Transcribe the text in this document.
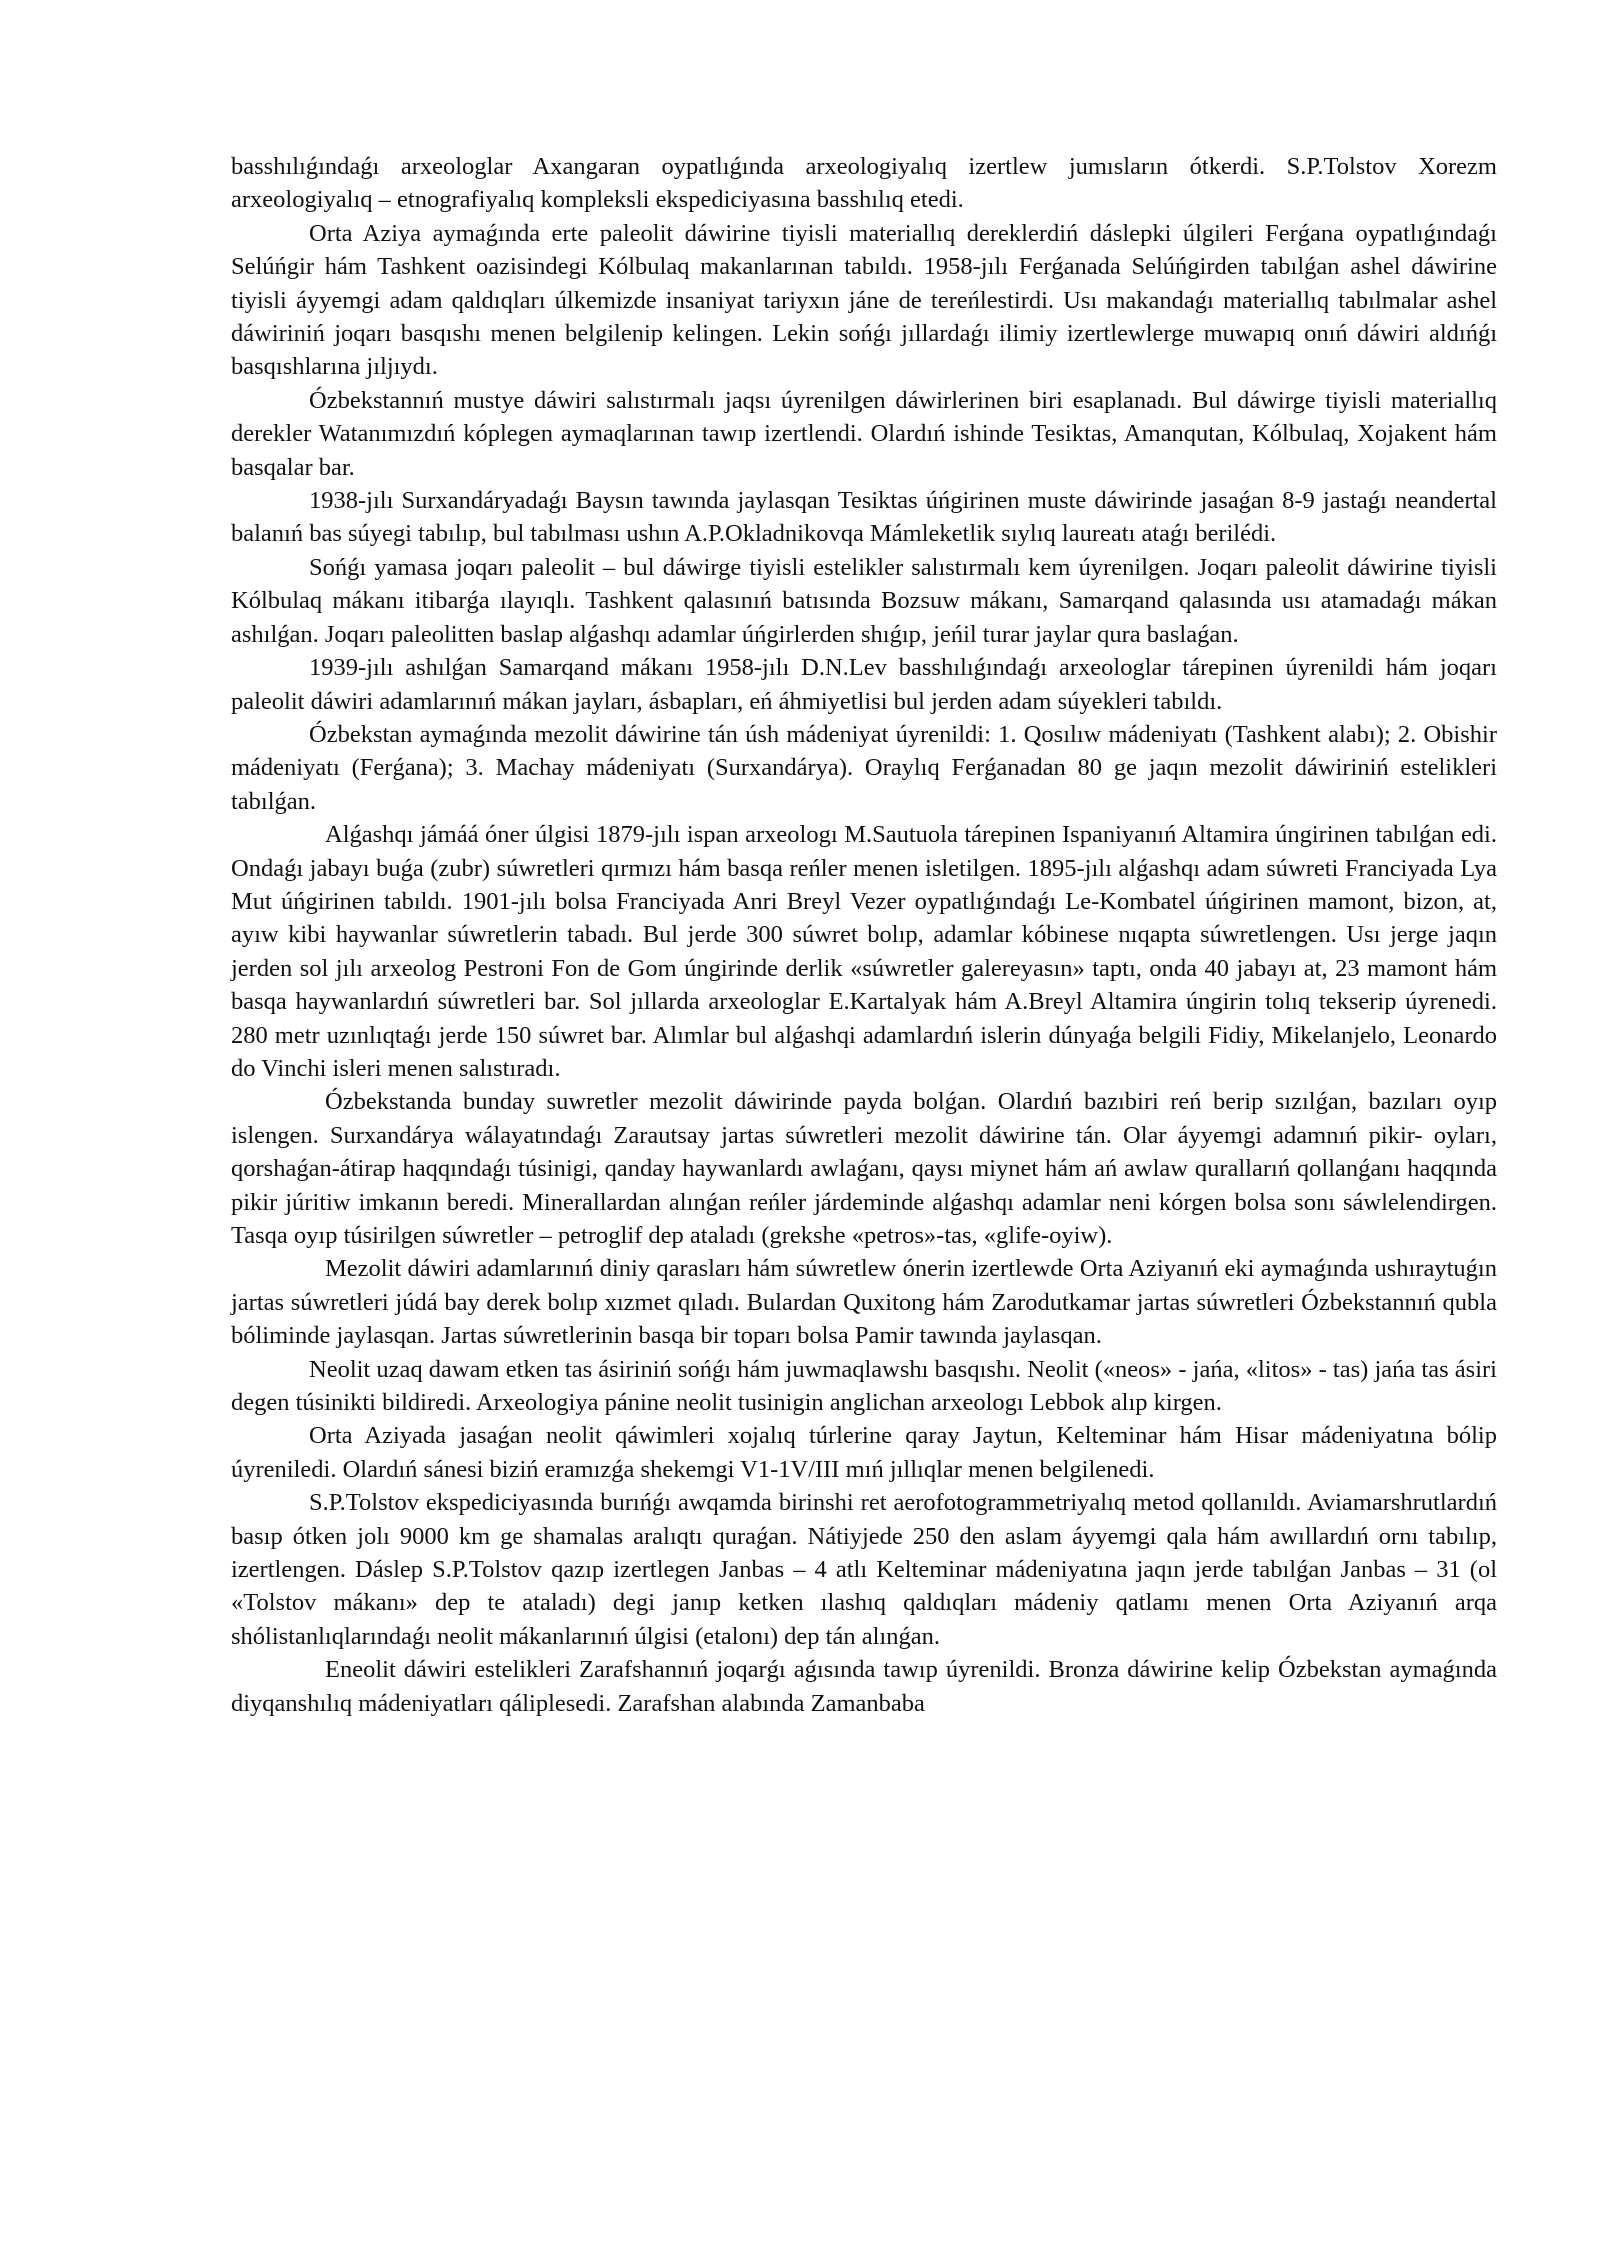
basshılıǵındaǵı arxeologlar Axangaran oypatlıǵında arxeologiyalıq izertlew jumısların ótkerdi. S.P.Tolstov Xorezm arxeologiyalıq – etnografiyalıq kompleksli ekspediciyasına basshılıq etedi.

Orta Aziya aymaǵında erte paleolit dáwirine tiyisli materiallıq dereklerdiń dáslepki úlgileri Ferǵana oypatlıǵındaǵı Selúńgir hám Tashkent oazisindegi Kólbulaq makanlarınan tabıldı. 1958-jılı Ferǵanada Selúńgirden tabılǵan ashel dáwirine tiyisli áyyemgi adam qaldıqları úlkemizde insaniyat tariyxın jáne de tereńlestirdi. Usı makandaǵı materiallıq tabılmalar ashel dáwiriniń joqarı basqıshı menen belgilenip kelingen. Lekin sońǵı jıllardaǵı ilimiy izertlewlerge muwapıq onıń dáwiri aldıńǵı basqıshlarına jıljıydı.

Ózbekstannıń mustye dáwiri salıstırmalı jaqsı úyrenilgen dáwirlerinen biri esaplanadı. Bul dáwirge tiyisli materiallıq derekler Watanımızdıń kóplegen aymaqlarınan tawıp izertlendi. Olardıń ishinde Tesiktas, Amanqutan, Kólbulaq, Xojakent hám basqalar bar.

1938-jılı Surxandáryadaǵı Baysın tawında jaylasqan Tesiktas úńgirinen muste dáwirinde jasaǵan 8-9 jastaǵı neandertal balanıń bas súyegi tabılıp, bul tabılması ushın A.P.Okladnikovqa Mámleketlik sıylıq laureatı ataǵı berilédi.

Sońǵı yamasa joqarı paleolit – bul dáwirge tiyisli estelikler salıstırmalı kem úyrenilgen. Joqarı paleolit dáwirine tiyisli Kólbulaq mákanı itibarǵa ılayıqlı. Tashkent qalasınıń batısında Bozsuw mákanı, Samarqand qalasında usı atamadaǵı mákan ashılǵan. Joqarı paleolitten baslap alǵashqı adamlar úńgirlerden shıǵıp, jeńil turar jaylar qura baslaǵan.

1939-jılı ashılǵan Samarqand mákanı 1958-jılı D.N.Lev basshılıǵındaǵı arxeologlar tárepinen úyrenildi hám joqarı paleolit dáwiri adamlarınıń mákan jayları, ásbapları, eń áhmiyetlisi bul jerden adam súyekleri tabıldı.

Ózbekstan aymaǵında mezolit dáwirine tán úsh mádeniyat úyrenildi: 1. Qosılıw mádeniyatı (Tashkent alabı); 2. Obishir mádeniyatı (Ferǵana); 3. Machay mádeniyatı (Surxandárya). Oraylıq Ferǵanadan 80 ge jaqın mezolit dáwiriniń estelikleri tabılǵan.

Alǵashqı jámáá óner úlgisi 1879-jılı ispan arxeologı M.Sautuola tárepinen Ispaniyanıń Altamira úngirinen tabılǵan edi. Ondaǵı jabayı buǵa (zubr) súwretleri qırmızı hám basqa reńler menen isletilgen. 1895-jılı alǵashqı adam súwreti Franciyada Lya Mut úńgirinen tabıldı. 1901-jılı bolsa Franciyada Anri Breyl Vezer oypatlıǵındaǵı Le-Kombatel úńgirinen mamont, bizon, at, ayıw kibi haywanlar súwretlerin tabadı. Bul jerde 300 súwret bolıp, adamlar kóbinese nıqapta súwretlengen. Usı jerge jaqın jerden sol jılı arxeolog Pestroni Fon de Gom úngirinde derlik «súwretler galereyasın» taptı, onda 40 jabayı at, 23 mamont hám basqa haywanlardıń súwretleri bar. Sol jıllarda arxeologlar E.Kartalyak hám A.Breyl Altamira úngirin tolıq tekserip úyrenedi. 280 metr uzınlıqtaǵı jerde 150 súwret bar. Alımlar bul alǵashqi adamlardıń islerin dúnyaǵa belgili Fidiy, Mikelanjelo, Leonardo do Vinchi isleri menen salıstıradı.

Ózbekstanda bunday suwretler mezolit dáwirinde payda bolǵan. Olardıń bazıbiri reń berip sızılǵan, bazıları oyıp islengen. Surxandárya wálayatındaǵı Zarautsay jartas súwretleri mezolit dáwirine tán. Olar áyyemgi adamnıń pikir- oyları, qorshaǵan-átirap haqqındaǵı túsinigi, qanday haywanlardı awlaǵanı, qaysı miynet hám ań awlaw qurallarıń qollanǵanı haqqında pikir júritiw imkanın beredi. Minerallardan alınǵan reńler járdeminde alǵashqı adamlar neni kórgen bolsa sonı sáwlelendirgen. Tasqa oyıp túsirilgen súwretler – petroglif dep ataladı (grekshe «petros»-tas, «glife-oyiw).

Mezolit dáwiri adamlarınıń diniy qarasları hám súwretlew ónerin izertlewde Orta Aziyanıń eki aymaǵında ushıraytuǵın jartas súwretleri júdá bay derek bolıp xızmet qıladı. Bulardan Quxitong hám Zarodutkamar jartas súwretleri Ózbekstannıń qubla bóliminde jaylasqan. Jartas súwretlerinin basqa bir toparı bolsa Pamir tawında jaylasqan.

Neolit uzaq dawam etken tas ásiriniń sońǵı hám juwmaqlawshı basqıshı. Neolit («neos» - jańa, «litos» - tas) jańa tas ásiri degen túsinikti bildiredi. Arxeologiya pánine neolit tusinigin anglichan arxeologı Lebbok alıp kirgen.

Orta Aziyada jasaǵan neolit qáwimleri xojalıq túrlerine qaray Jaytun, Kelteminar hám Hisar mádeniyatına bólip úyreniledi. Olardıń sánesi biziń eramızǵa shekemgi V1-1V/III mıń jıllıqlar menen belgilenedi.

S.P.Tolstov ekspediciyasında burıńǵı awqamda birinshi ret aerofotogrammetriyalıq metod qollanıldı. Aviamarshrutlardıń basıp ótken jolı 9000 km ge shamalas aralıqtı quraǵan. Nátiyjede 250 den aslam áyyemgi qala hám awıllardıń ornı tabılıp, izertlengen. Dáslep S.P.Tolstov qazıp izertlegen Janbas – 4 atlı Kelteminar mádeniyatına jaqın jerde tabılǵan Janbas – 31 (ol «Tolstov mákanı» dep te ataladı) degi janıp ketken ılashıq qaldıqları mádeniy qatlamı menen Orta Aziyanıń arqa shólistanlıqlarındaǵı neolit mákanlarınıń úlgisi (etalonı) dep tán alınǵan.

Eneolit dáwiri estelikleri Zarafshannıń joqarǵı aǵısında tawıp úyrenildi. Bronza dáwirine kelip Ózbekstan aymaǵında diyqanshılıq mádeniyatları qáliplesedi. Zarafshan alabında Zamanbaba
